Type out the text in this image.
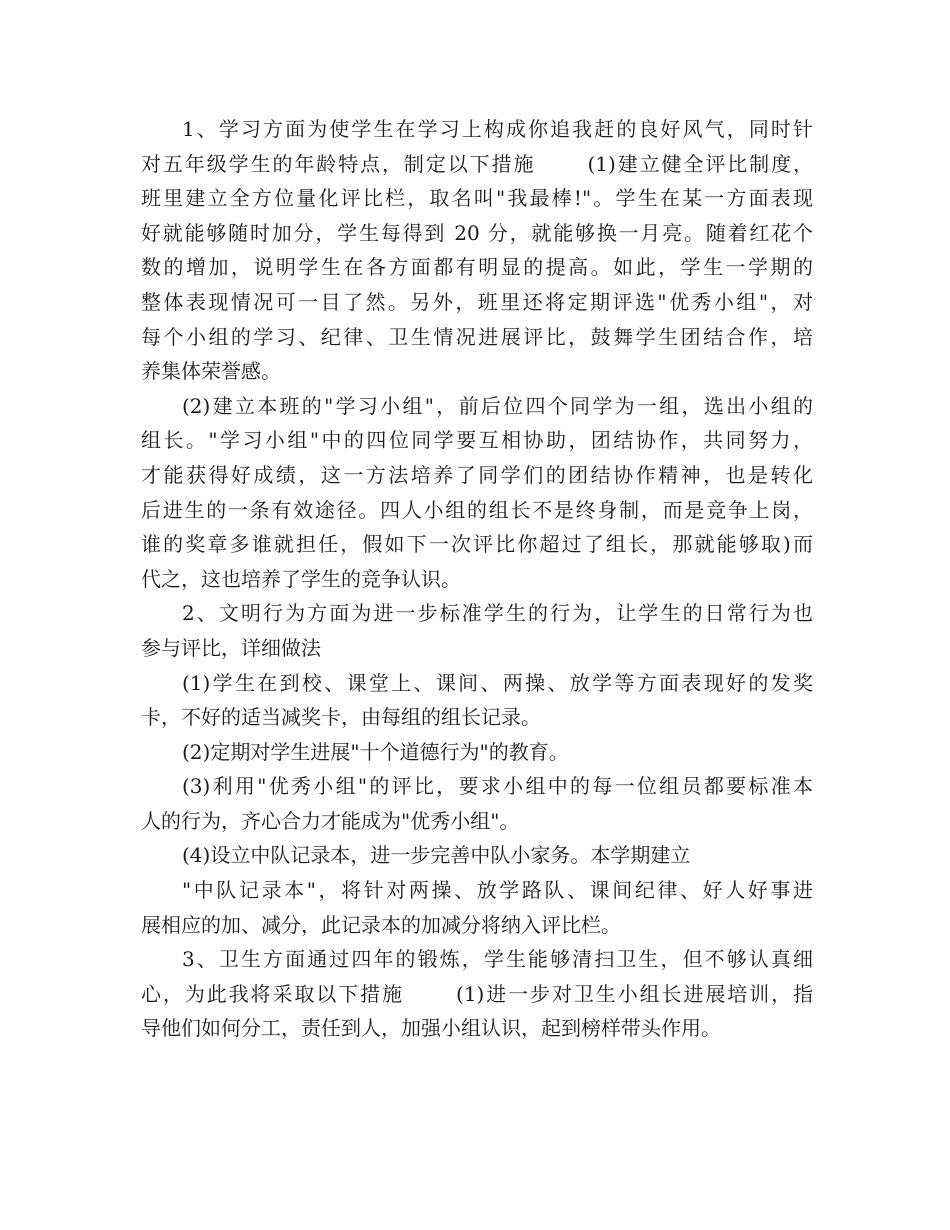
1、学习方面为使学生在学习上构成你追我赶的良好风气，同时针
对五年级学生的年龄特点，制定以下措施 　　(1)建立健全评比制度，
班里建立全方位量化评比栏，取名叫"我最棒!"。学生在某一方面表现
好就能够随时加分，学生每得到 20 分，就能够换一月亮。随着红花个
数的增加，说明学生在各方面都有明显的提高。如此，学生一学期的
整体表现情况可一目了然。另外，班里还将定期评选"优秀小组"，对
每个小组的学习、纪律、卫生情况进展评比，鼓舞学生团结合作，培
养集体荣誉感。
(2)建立本班的"学习小组"，前后位四个同学为一组，选出小组的
组长。"学习小组"中的四位同学要互相协助，团结协作，共同努力，
才能获得好成绩，这一方法培养了同学们的团结协作精神，也是转化
后进生的一条有效途径。四人小组的组长不是终身制，而是竞争上岗，
谁的奖章多谁就担任，假如下一次评比你超过了组长，那就能够取)而
代之，这也培养了学生的竞争认识。
2、文明行为方面为进一步标准学生的行为，让学生的日常行为也
参与评比，详细做法
(1)学生在到校、课堂上、课间、两操、放学等方面表现好的发奖
卡，不好的适当减奖卡，由每组的组长记录。
(2)定期对学生进展"十个道德行为"的教育。
(3)利用"优秀小组"的评比，要求小组中的每一位组员都要标准本
人的行为，齐心合力才能成为"优秀小组"。
(4)设立中队记录本，进一步完善中队小家务。本学期建立
"中队记录本"，将针对两操、放学路队、课间纪律、好人好事进
展相应的加、减分，此记录本的加减分将纳入评比栏。
3、卫生方面通过四年的锻炼，学生能够清扫卫生，但不够认真细
心，为此我将采取以下措施 　　(1)进一步对卫生小组长进展培训，指
导他们如何分工，责任到人，加强小组认识，起到榜样带头作用。
